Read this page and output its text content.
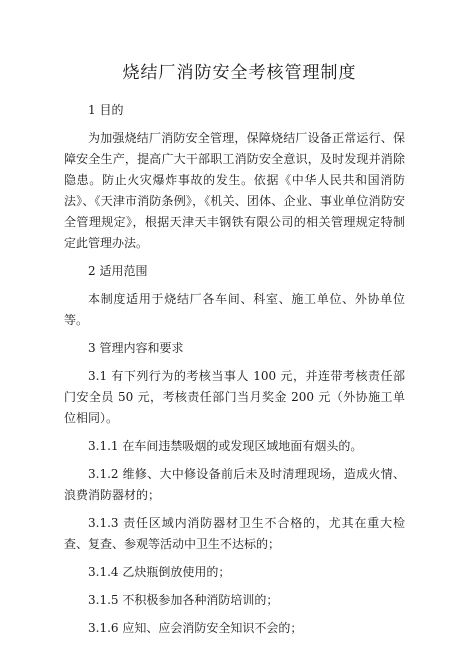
烧结厂消防安全考核管理制度

1 目的

为加强烧结厂消防安全管理，保障烧结厂设备正常运行、保障安全生产，提高广大干部职工消防安全意识，及时发现并消除隐患。防止火灾爆炸事故的发生。依据《中华人民共和国消防法》、《天津市消防条例》，《机关、团体、企业、事业单位消防安全管理规定》，根据天津天丰钢铁有限公司的相关管理规定特制定此管理办法。

2 适用范围

本制度适用于烧结厂各车间、科室、施工单位、外协单位等。

3 管理内容和要求

3.1 有下列行为的考核当事人 100 元，并连带考核责任部门安全员 50 元，考核责任部门当月奖金 200 元（外协施工单位相同）。

3.1.1 在车间违禁吸烟的或发现区域地面有烟头的。

3.1.2 维修、大中修设备前后未及时清理现场，造成火情、浪费消防器材的；

3.1.3 责任区域内消防器材卫生不合格的，尤其在重大检查、复查、参观等活动中卫生不达标的；

3.1.4 乙炔瓶倒放使用的；

3.1.5 不积极参加各种消防培训的；

3.1.6 应知、应会消防安全知识不会的；
